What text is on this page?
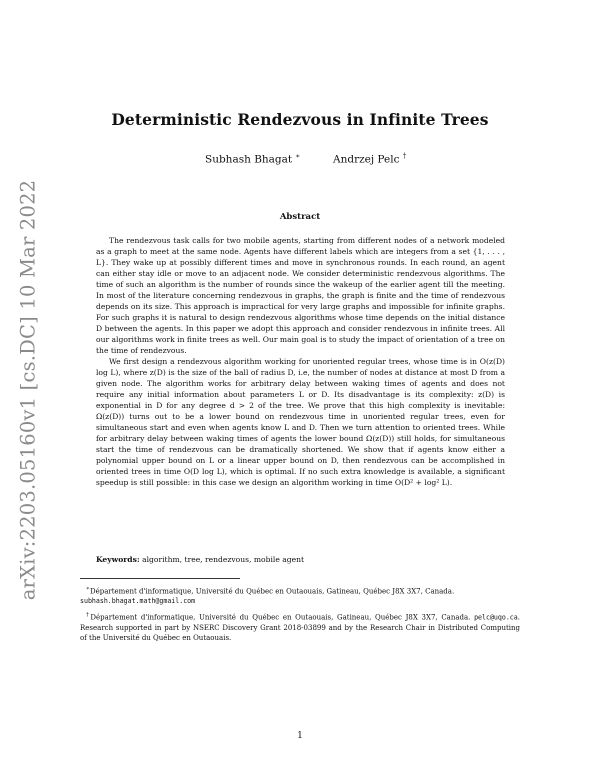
arXiv:2203.05160v1 [cs.DC] 10 Mar 2022
Deterministic Rendezvous in Infinite Trees
Subhash Bhagat ∗	Andrzej Pelc †
Abstract

The rendezvous task calls for two mobile agents, starting from different nodes of a network modeled as a graph to meet at the same node. Agents have different labels which are integers from a set {1, . . . , L}. They wake up at possibly different times and move in synchronous rounds. In each round, an agent can either stay idle or move to an adjacent node. We consider deterministic rendezvous algorithms. The time of such an algorithm is the number of rounds since the wakeup of the earlier agent till the meeting. In most of the literature concerning rendezvous in graphs, the graph is finite and the time of rendezvous depends on its size. This approach is impractical for very large graphs and impossible for infinite graphs. For such graphs it is natural to design rendezvous algorithms whose time depends on the initial distance D between the agents. In this paper we adopt this approach and consider rendezvous in infinite trees. All our algorithms work in finite trees as well. Our main goal is to study the impact of orientation of a tree on the time of rendezvous.

We first design a rendezvous algorithm working for unoriented regular trees, whose time is in O(z(D) log L), where z(D) is the size of the ball of radius D, i.e, the number of nodes at distance at most D from a given node. The algorithm works for arbitrary delay between waking times of agents and does not require any initial information about parameters L or D. Its disadvantage is its complexity: z(D) is exponential in D for any degree d > 2 of the tree. We prove that this high complexity is inevitable: Ω(z(D)) turns out to be a lower bound on rendezvous time in unoriented regular trees, even for simultaneous start and even when agents know L and D. Then we turn attention to oriented trees. While for arbitrary delay between waking times of agents the lower bound Ω(z(D)) still holds, for simultaneous start the time of rendezvous can be dramatically shortened. We show that if agents know either a polynomial upper bound on L or a linear upper bound on D, then rendezvous can be accomplished in oriented trees in time O(D log L), which is optimal. If no such extra knowledge is available, a significant speedup is still possible: in this case we design an algorithm working in time O(D² + log² L).

Keywords: algorithm, tree, rendezvous, mobile agent

∗Département d'informatique, Université du Québec en Outaouais, Gatineau, Québec J8X 3X7, Canada.
subhash.bhagat.math@gmail.com

†Département d'informatique, Université du Québec en Outaouais, Gatineau, Québec J8X 3X7, Canada. pelc@uqo.ca. Research supported in part by NSERC Discovery Grant 2018-03899 and by the Research Chair in Distributed Computing of the Université du Québec en Outaouais.

1
